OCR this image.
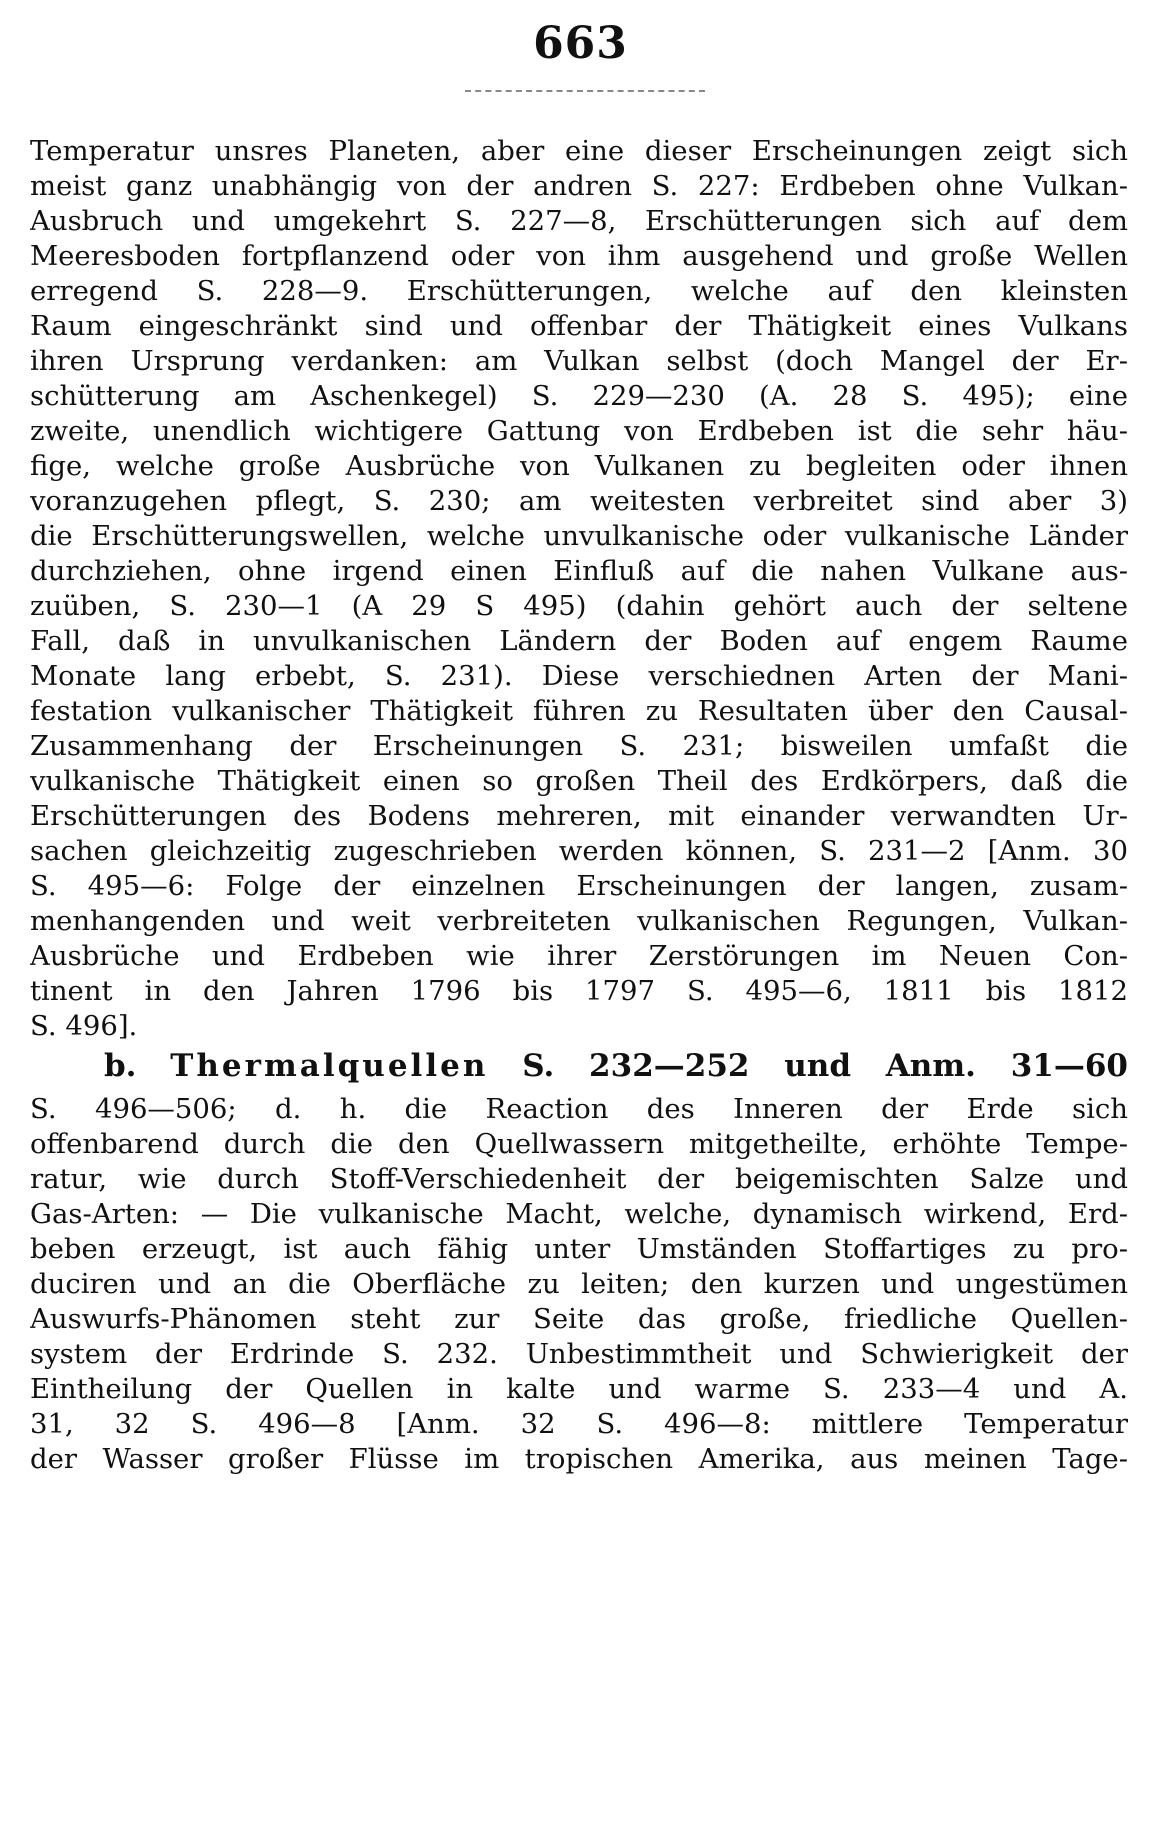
663
Temperatur unsres Planeten, aber eine dieser Erscheinungen zeigt sich
meist ganz unabhängig von der andren S. 227: Erdbeben ohne Vulkan-
Ausbruch und umgekehrt S. 227—8, Erschütterungen sich auf dem
Meeresboden fortpflanzend oder von ihm ausgehend und große Wellen
erregend S. 228—9. Erschütterungen, welche auf den kleinsten
Raum eingeschränkt sind und offenbar der Thätigkeit eines Vulkans
ihren Ursprung verdanken: am Vulkan selbst (doch Mangel der Er-
schütterung am Aschenkegel) S. 229—230 (A. 28 S. 495); eine
zweite, unendlich wichtigere Gattung von Erdbeben ist die sehr häu-
fige, welche große Ausbrüche von Vulkanen zu begleiten oder ihnen
voranzugehen pflegt, S. 230; am weitesten verbreitet sind aber 3)
die Erschütterungswellen, welche unvulkanische oder vulkanische Länder
durchziehen, ohne irgend einen Einfluß auf die nahen Vulkane aus-
zuüben, S. 230—1 (A 29 S 495) (dahin gehört auch der seltene
Fall, daß in unvulkanischen Ländern der Boden auf engem Raume
Monate lang erbebt, S. 231). Diese verschiednen Arten der Mani-
festation vulkanischer Thätigkeit führen zu Resultaten über den Causal-
Zusammenhang der Erscheinungen S. 231; bisweilen umfaßt die
vulkanische Thätigkeit einen so großen Theil des Erdkörpers, daß die
Erschütterungen des Bodens mehreren, mit einander verwandten Ur-
sachen gleichzeitig zugeschrieben werden können, S. 231—2 [Anm. 30
S. 495—6: Folge der einzelnen Erscheinungen der langen, zusam-
menhangenden und weit verbreiteten vulkanischen Regungen, Vulkan-
Ausbrüche und Erdbeben wie ihrer Zerstörungen im Neuen Con-
tinent in den Jahren 1796 bis 1797 S. 495—6, 1811 bis 1812
S. 496].
b. Thermalquellen S. 232—252 und Anm. 31—60
S. 496—506; d. h. die Reaction des Inneren der Erde sich
offenbarend durch die den Quellwassern mitgetheilte, erhöhte Tempe-
ratur, wie durch Stoff-Verschiedenheit der beigemischten Salze und
Gas-Arten: — Die vulkanische Macht, welche, dynamisch wirkend, Erd-
beben erzeugt, ist auch fähig unter Umständen Stoffartiges zu pro-
duciren und an die Oberfläche zu leiten; den kurzen und ungestümen
Auswurfs-Phänomen steht zur Seite das große, friedliche Quellen-
system der Erdrinde S. 232. Unbestimmtheit und Schwierigkeit der
Eintheilung der Quellen in kalte und warme S. 233—4 und A.
31, 32 S. 496—8 [Anm. 32 S. 496—8: mittlere Temperatur
der Wasser großer Flüsse im tropischen Amerika, aus meinen Tage-
